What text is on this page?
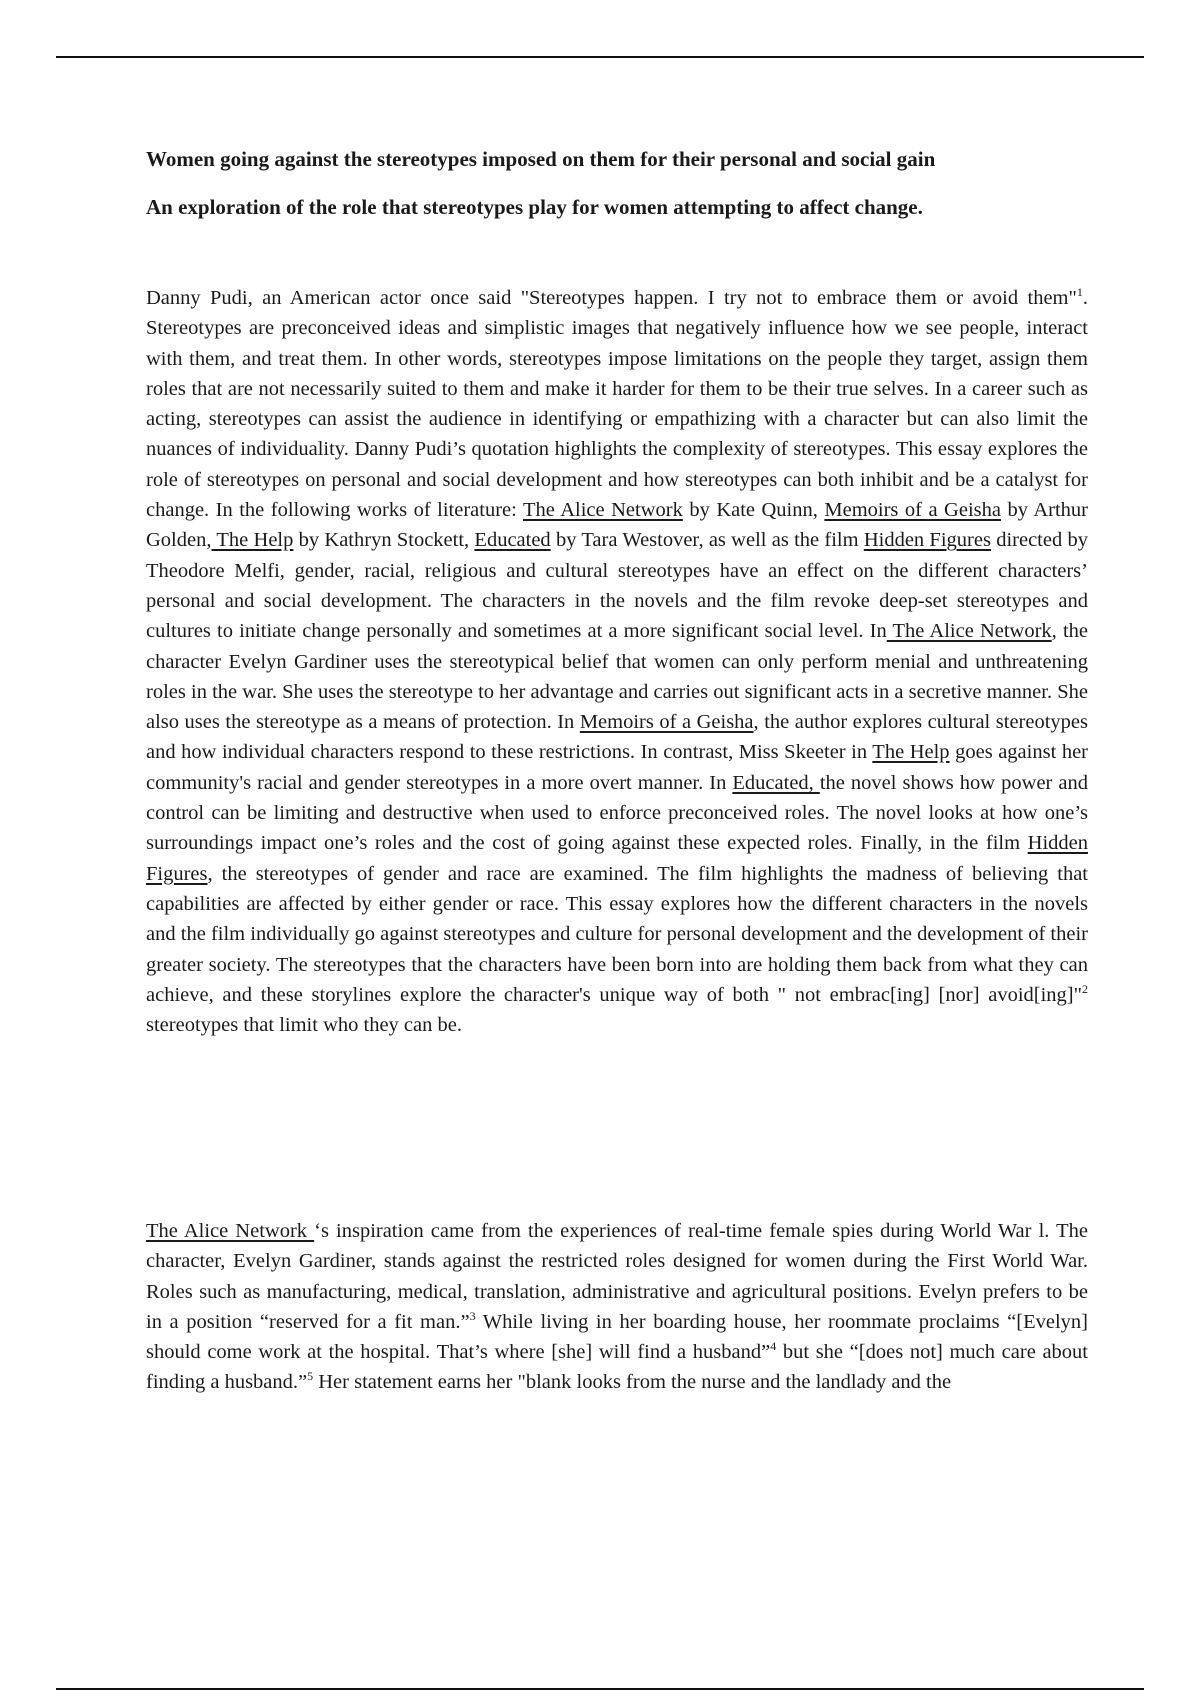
Women going against the stereotypes imposed on them for their personal and social gain
An exploration of the role that stereotypes play for women attempting to affect change.

Danny Pudi, an American actor once said "Stereotypes happen. I try not to embrace them or avoid them"$^1$. Stereotypes are preconceived ideas and simplistic images that negatively influence how we see people, interact with them, and treat them. In other words, stereotypes impose limitations on the people they target, assign them roles that are not necessarily suited to them and make it harder for them to be their true selves. In a career such as acting, stereotypes can assist the audience in identifying or empathizing with a character but can also limit the nuances of individuality. Danny Pudi’s quotation highlights the complexity of stereotypes. This essay explores the role of stereotypes on personal and social development and how stereotypes can both inhibit and be a catalyst for change. In the following works of literature: The Alice Network by Kate Quinn, Memoirs of a Geisha by Arthur Golden, The Help by Kathryn Stockett, Educated by Tara Westover, as well as the film Hidden Figures directed by Theodore Melfi, gender, racial, religious and cultural stereotypes have an effect on the different characters’ personal and social development. The characters in the novels and the film revoke deep-set stereotypes and cultures to initiate change personally and sometimes at a more significant social level. In The Alice Network, the character Evelyn Gardiner uses the stereotypical belief that women can only perform menial and unthreatening roles in the war. She uses the stereotype to her advantage and carries out significant acts in a secretive manner. She also uses the stereotype as a means of protection. In Memoirs of a Geisha, the author explores cultural stereotypes and how individual characters respond to these restrictions. In contrast, Miss Skeeter in The Help goes against her community's racial and gender stereotypes in a more overt manner. In Educated, the novel shows how power and control can be limiting and destructive when used to enforce preconceived roles. The novel looks at how one’s surroundings impact one’s roles and the cost of going against these expected roles. Finally, in the film Hidden Figures, the stereotypes of gender and race are examined. The film highlights the madness of believing that capabilities are affected by either gender or race. This essay explores how the different characters in the novels and the film individually go against stereotypes and culture for personal development and the development of their greater society. The stereotypes that the characters have been born into are holding them back from what they can achieve, and these storylines explore the character's unique way of both " not embrac[ing] [nor] avoid[ing]"$^2$ stereotypes that limit who they can be.

The Alice Network ‘s inspiration came from the experiences of real-time female spies during World War l. The character, Evelyn Gardiner, stands against the restricted roles designed for women during the First World War. Roles such as manufacturing, medical, translation, administrative and agricultural positions. Evelyn prefers to be in a position “reserved for a fit man.”$^3$ While living in her boarding house, her roommate proclaims “[Evelyn] should come work at the hospital. That’s where [she] will find a husband”$^4$ but she “[does not] much care about finding a husband.”$^5$ Her statement earns her "blank looks from the nurse and the landlady and the
